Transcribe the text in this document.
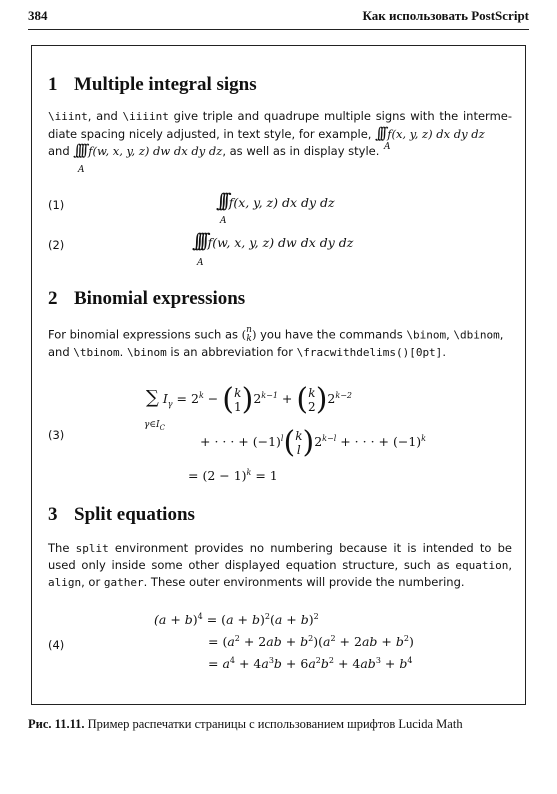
384	Как использовать PostScript
1 Multiple integral signs
\iiint, and \iiiint give triple and quadrupe multiple signs with the interme-diate spacing nicely adjusted, in text style, for example, ∫∫∫ f(x, y, z) dx dy dz
and ∫∫∫∫ f(w, x, y, z) dw dx dy dz, as well as in display style. A
A
(1)	∫∫∫ f(x, y, z) dx dy dz
A
(2)	∫∫∫∫ f(w, x, y, z) dw dx dy dz
A
2 Binomial expressions
For binomial expressions such as (n
k) you have the commands \binom, \dbinom,
and \tbinom. \binom is an abbreviation for \fracwithdelims()[0pt].
(3)
∑ $I_\gamma = 2^k - (k$
$1)2^{k-1} + (k$
$2)2^{k-2}$
$\gamma\in I_C$
+ · · · + $(-1)^l(k$
$l)2^{k-l}$ + · · · + $(-1)^k$
= $(2 - 1)^k = 1$
3 Split equations
The split environment provides no numbering because it is intended to be used only inside some other displayed equation structure, such as equation, align, or gather. These outer environments will provide the numbering.
(4)
$(a + b)^4 = (a + b)^2(a + b)^2$
= $(a^2 + 2ab + b^2)(a^2 + 2ab + b^2)$
= $a^4 + 4a^3b + 6a^2b^2 + 4ab^3 + b^4$
Рис. 11.11. Пример распечатки страницы с использованием шрифтов Lucida Math
